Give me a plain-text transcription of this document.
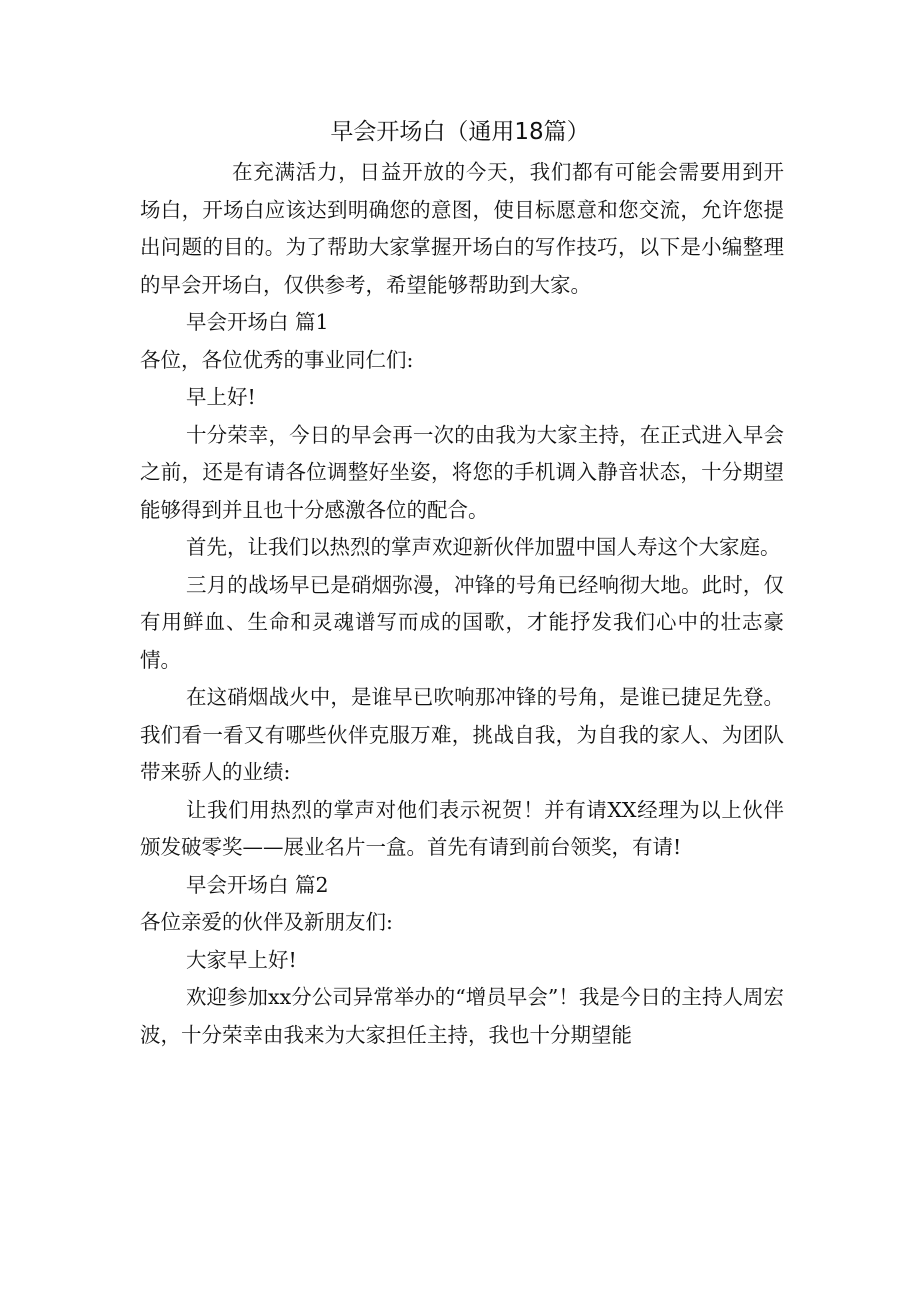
早会开场白（通用18篇）

在充满活力，日益开放的今天，我们都有可能会需要用到开场白，开场白应该达到明确您的意图，使目标愿意和您交流，允许您提出问题的目的。为了帮助大家掌握开场白的写作技巧，以下是小编整理的早会开场白，仅供参考，希望能够帮助到大家。

早会开场白 篇1

各位，各位优秀的事业同仁们:

早上好!

十分荣幸，今日的早会再一次的由我为大家主持，在正式进入早会之前，还是有请各位调整好坐姿，将您的手机调入静音状态，十分期望能够得到并且也十分感激各位的配合。

首先，让我们以热烈的掌声欢迎新伙伴加盟中国人寿这个大家庭。

三月的战场早已是硝烟弥漫，冲锋的号角已经响彻大地。此时，仅有用鲜血、生命和灵魂谱写而成的国歌，才能抒发我们心中的壮志豪情。

在这硝烟战火中，是谁早已吹响那冲锋的号角，是谁已捷足先登。我们看一看又有哪些伙伴克服万难，挑战自我，为自我的家人、为团队带来骄人的业绩:

让我们用热烈的掌声对他们表示祝贺！并有请XX经理为以上伙伴颁发破零奖——展业名片一盒。首先有请到前台领奖，有请!

早会开场白 篇2

各位亲爱的伙伴及新朋友们:

大家早上好!

欢迎参加xx分公司异常举办的“增员早会”！我是今日的主持人周宏波，十分荣幸由我来为大家担任主持，我也十分期望能
